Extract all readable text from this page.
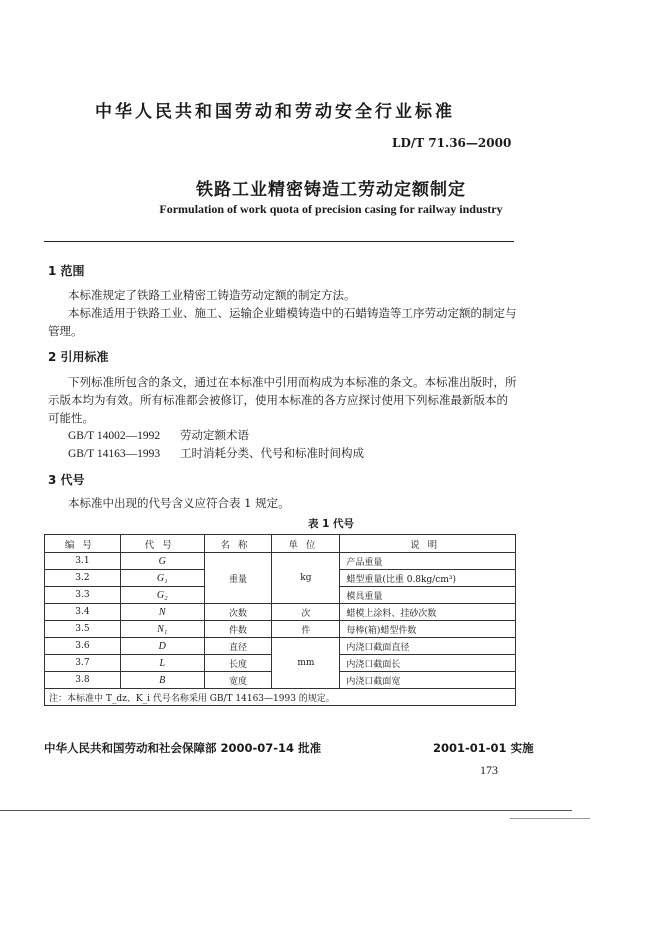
中华人民共和国劳动和劳动安全行业标准
LD/T 71.36—2000
铁路工业精密铸造工劳动定额制定
Formulation of work quota of precision casing for railway industry
1 范围
本标准规定了铁路工业精密工铸造劳动定额的制定方法。
本标准适用于铁路工业、施工、运输企业蜡模铸造中的石蜡铸造等工序劳动定额的制定与管理。
2 引用标准
下列标准所包含的条文，通过在本标准中引用而构成为本标准的条文。本标准出版时，所示版本均为有效。所有标准都会被修订，使用本标准的各方应探讨使用下列标准最新版本的可能性。
GB/T 14002—1992 劳动定额术语
GB/T 14163—1993 工时消耗分类、代号和标准时间构成
3 代号
本标准中出现的代号含义应符合表 1 规定。
表 1 代号
编号	代号	名称	单位	说明
3.1	G	重量	kg	产品重量
3.2	G₁			蜡型重量(比重 0.8kg/cm³)
3.3	G₂			模具重量
3.4	N	次数	次	蜡模上涂料、挂砂次数
3.5	N₁	件数	件	每棒(箱)蜡型件数
3.6	D	直径	mm	内浇口截面直径
3.7	L	长度		内浇口截面长
3.8	B	宽度		内浇口截面宽
注：本标准中 T_dz、K_i 代号名称采用 GB/T 14163—1993 的规定。				
中华人民共和国劳动和社会保障部 2000-07-14 批准	2001-01-01 实施
173
